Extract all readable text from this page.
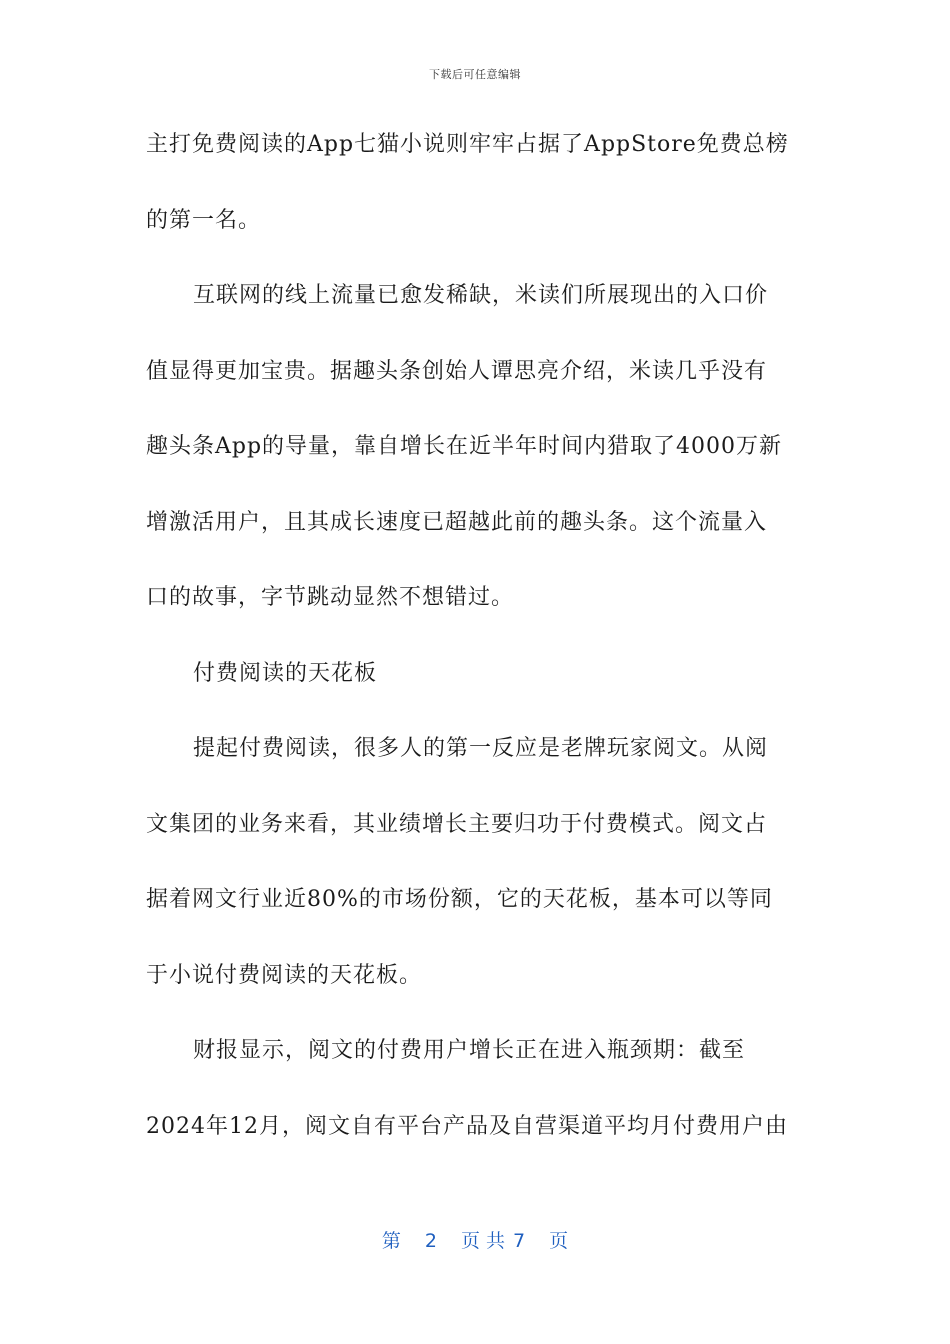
下载后可任意编辑
主打免费阅读的App七猫小说则牢牢占据了AppStore免费总榜
的第一名。
互联网的线上流量已愈发稀缺，米读们所展现出的入口价
值显得更加宝贵。据趣头条创始人谭思亮介绍，米读几乎没有
趣头条App的导量，靠自增长在近半年时间内猎取了4000万新
增激活用户，且其成长速度已超越此前的趣头条。这个流量入
口的故事，字节跳动显然不想错过。
付费阅读的天花板
提起付费阅读，很多人的第一反应是老牌玩家阅文。从阅
文集团的业务来看，其业绩增长主要归功于付费模式。阅文占
据着网文行业近80%的市场份额，它的天花板，基本可以等同
于小说付费阅读的天花板。
财报显示，阅文的付费用户增长正在进入瓶颈期：截至
2024年12月，阅文自有平台产品及自营渠道平均月付费用户由
第 2 页 共 7 页
